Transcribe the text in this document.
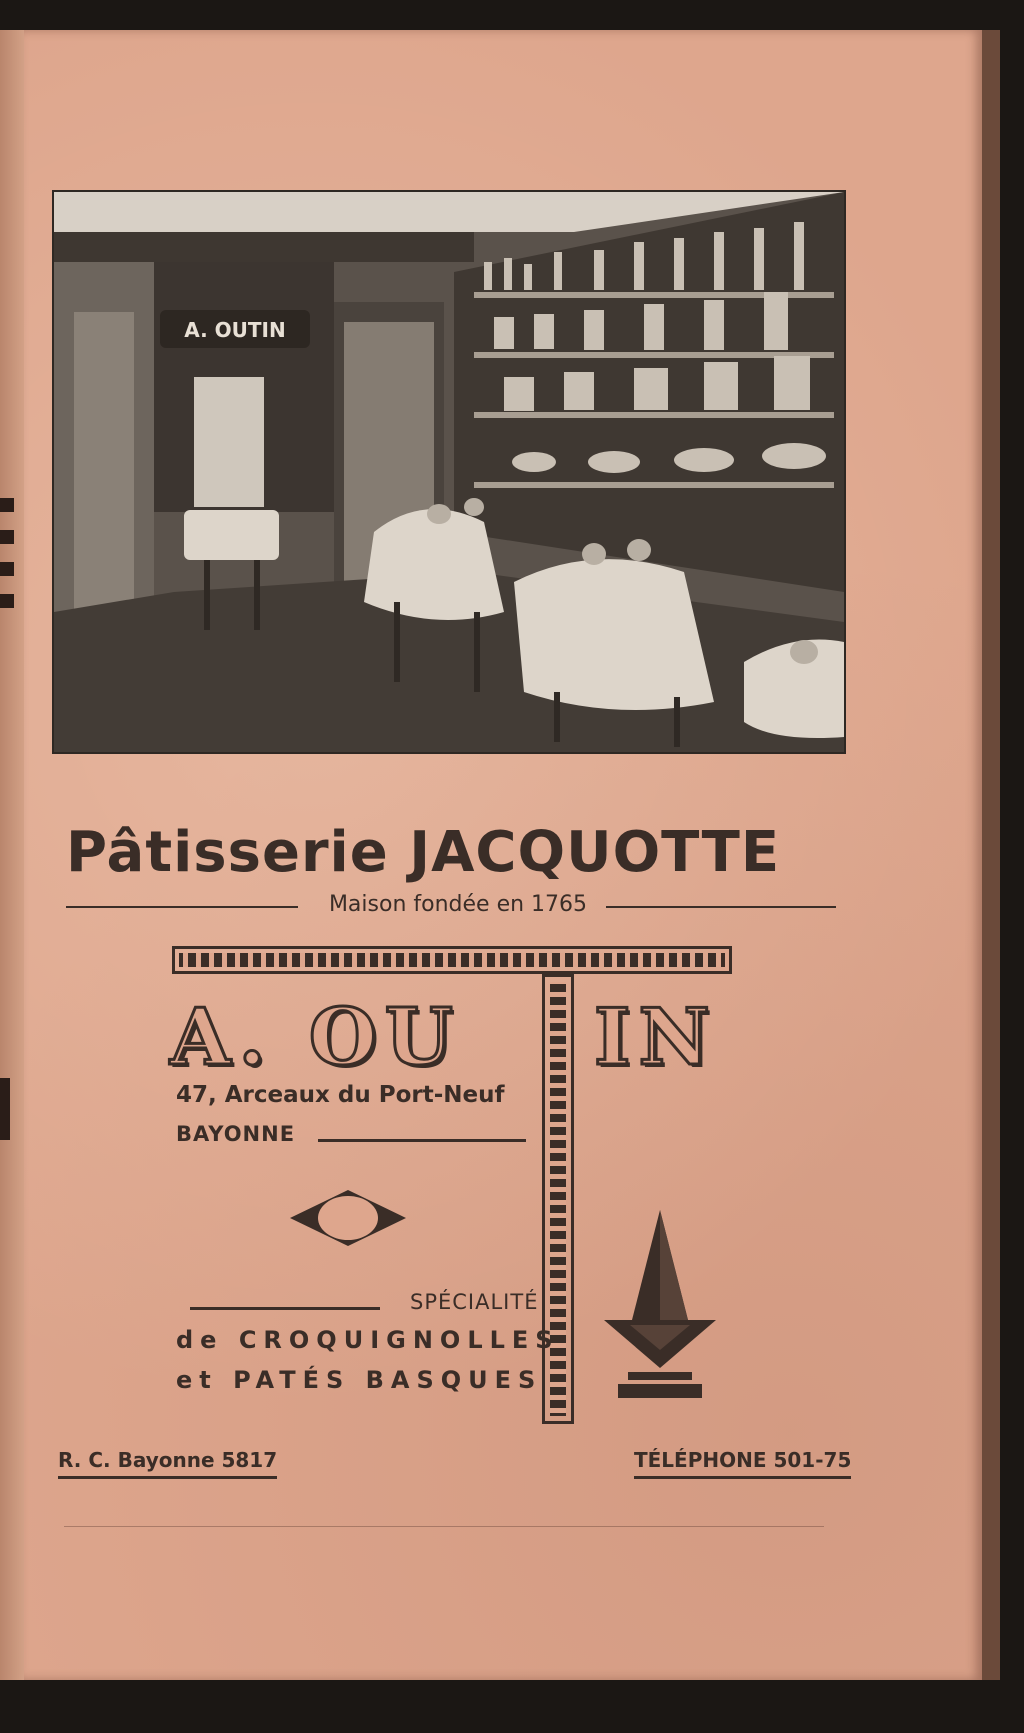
A. OUTIN
Pâtisserie JACQUOTTE
Maison fondée en 1765
A. OU IN
47, Arceaux du Port-Neuf
BAYONNE
SPÉCIALITÉ
de CROQUIGNOLLES
et PATÉS BASQUES
R. C. Bayonne 5817	TÉLÉPHONE 501-75
